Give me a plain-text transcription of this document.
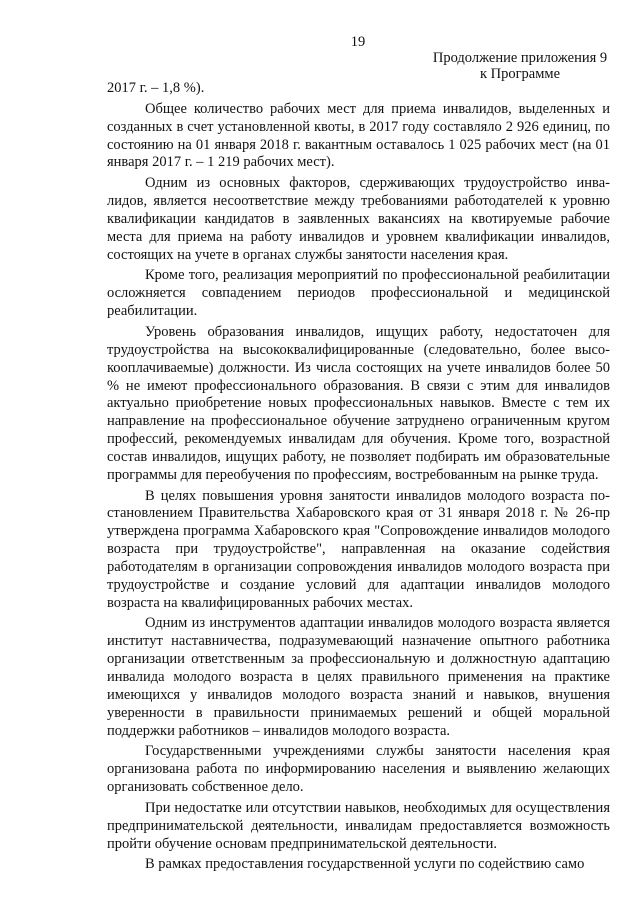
19
Продолжение приложения 9
к Программе

2017 г. – 1,8 %).

Общее количество рабочих мест для приема инвалидов, выделенных и созданных в счет установленной квоты, в 2017 году составляло 2 926 единиц, по состоянию на 01 января 2018 г. вакантным оставалось 1 025 рабочих мест (на 01 января 2017 г. – 1 219 рабочих мест).

Одним из основных факторов, сдерживающих трудоустройство инвалидов, является несоответствие между требованиями работодателей к уровню квалификации кандидатов в заявленных вакансиях на квотируемые рабочие места для приема на работу инвалидов и уровнем квалификации инвалидов, состоящих на учете в органах службы занятости населения края.

Кроме того, реализация мероприятий по профессиональной реабилитации осложняется совпадением периодов профессиональной и медицинской реабилитации.

Уровень образования инвалидов, ищущих работу, недостаточен для трудоустройства на высококвалифицированные (следовательно, более высокооплачиваемые) должности. Из числа состоящих на учете инвалидов более 50 % не имеют профессионального образования. В связи с этим для инвалидов актуально приобретение новых профессиональных навыков. Вместе с тем их направление на профессиональное обучение затруднено ограниченным кругом профессий, рекомендуемых инвалидам для обучения. Кроме того, возрастной состав инвалидов, ищущих работу, не позволяет подбирать им образовательные программы для переобучения по профессиям, востребованным на рынке труда.

В целях повышения уровня занятости инвалидов молодого возраста постановлением Правительства Хабаровского края от 31 января 2018 г. № 26-пр утверждена программа Хабаровского края "Сопровождение инвалидов молодого возраста при трудоустройстве", направленная на оказание содействия работодателям в организации сопровождения инвалидов молодого возраста при трудоустройстве и создание условий для адаптации инвалидов молодого возраста на квалифицированных рабочих местах.

Одним из инструментов адаптации инвалидов молодого возраста является институт наставничества, подразумевающий назначение опытного работника организации ответственным за профессиональную и должностную адаптацию инвалида молодого возраста в целях правильного применения на практике имеющихся у инвалидов молодого возраста знаний и навыков, внушения уверенности в правильности принимаемых решений и общей моральной поддержки работников – инвалидов молодого возраста.

Государственными учреждениями службы занятости населения края организована работа по информированию населения и выявлению желающих организовать собственное дело.

При недостатке или отсутствии навыков, необходимых для осуществления предпринимательской деятельности, инвалидам предоставляется возможность пройти обучение основам предпринимательской деятельности.

В рамках предоставления государственной услуги по содействию само
